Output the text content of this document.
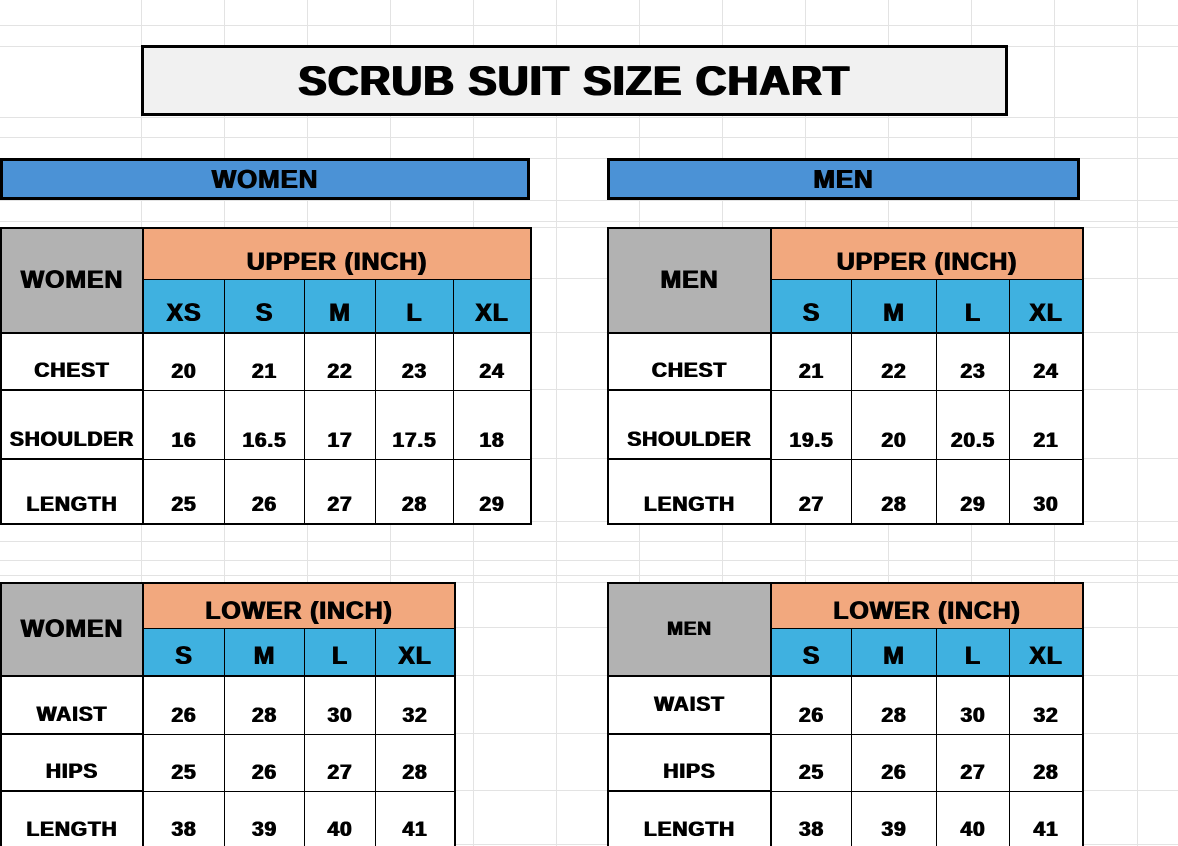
SCRUB SUIT SIZE CHART
WOMEN	MEN
WOMEN
UPPER (INCH)
XS	S	M	L	XL
CHEST	20	21	22	23	24
SHOULDER	16	16.5	17	17.5	18
LENGTH	25	26	27	28	29
MEN
UPPER (INCH)
S	M	L	XL
CHEST	21	22	23	24
SHOULDER	19.5	20	20.5	21
LENGTH	27	28	29	30
WOMEN
LOWER (INCH)
S	M	L	XL
WAIST	26	28	30	32
HIPS	25	26	27	28
LENGTH	38	39	40	41
MEN
LOWER (INCH)
S	M	L	XL
WAIST	26	28	30	32
HIPS	25	26	27	28
LENGTH	38	39	40	41
